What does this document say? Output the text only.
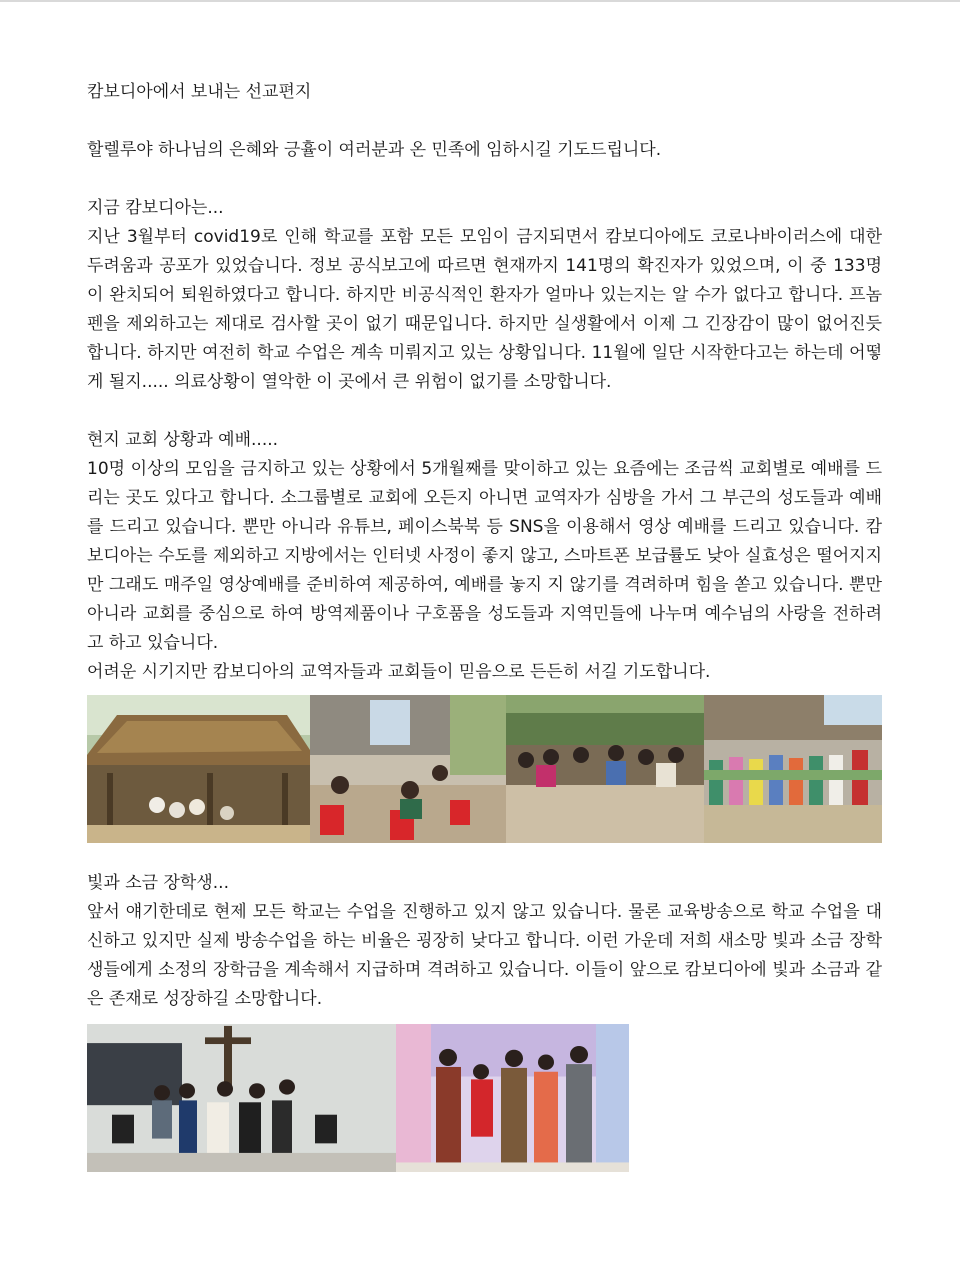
캄보디아에서 보내는 선교편지

할렐루야 하나님의 은혜와 긍휼이 여러분과 온 민족에 임하시길 기도드립니다.

지금 캄보디아는...

지난 3월부터 covid19로 인해 학교를 포함 모든 모임이 금지되면서 캄보디아에도 코로나바이러스에 대한 두려움과 공포가 있었습니다. 정보 공식보고에 따르면 현재까지 141명의 확진자가 있었으며, 이 중 133명이 완치되어 퇴원하였다고 합니다. 하지만 비공식적인 환자가 얼마나 있는지는 알 수가 없다고 합니다. 프놈펜을 제외하고는 제대로 검사할 곳이 없기 때문입니다. 하지만 실생활에서 이제 그 긴장감이 많이 없어진듯 합니다. 하지만 여전히 학교 수업은 계속 미뤄지고 있는 상황입니다. 11월에 일단 시작한다고는 하는데 어떻게 될지..... 의료상황이 열악한 이 곳에서 큰 위험이 없기를 소망합니다.

현지 교회 상황과 예배.....

10명 이상의 모임을 금지하고 있는 상황에서 5개월째를 맞이하고 있는 요즘에는 조금씩 교회별로 예배를 드리는 곳도 있다고 합니다. 소그룹별로 교회에 오든지 아니면 교역자가 심방을 가서 그 부근의 성도들과 예배를 드리고 있습니다. 뿐만 아니라 유튜브, 페이스북북 등 SNS을 이용해서 영상 예배를 드리고 있습니다. 캄보디아는 수도를 제외하고 지방에서는 인터넷 사정이 좋지 않고, 스마트폰 보급률도 낮아 실효성은 떨어지지만 그래도 매주일 영상예배를 준비하여 제공하여, 예배를 놓지 지 않기를 격려하며 힘을 쏟고 있습니다. 뿐만 아니라 교회를 중심으로 하여 방역제품이나 구호품을 성도들과 지역민들에 나누며 예수님의 사랑을 전하려고 하고 있습니다.

어려운 시기지만 캄보디아의 교역자들과 교회들이 믿음으로 든든히 서길 기도합니다.

빛과 소금 장학생...

앞서 얘기한데로 현제 모든 학교는 수업을 진행하고 있지 않고 있습니다. 물론 교육방송으로 학교 수업을 대신하고 있지만 실제 방송수업을 하는 비율은 굉장히 낮다고 합니다. 이런 가운데 저희 새소망 빛과 소금 장학생들에게 소정의 장학금을 계속해서 지급하며 격려하고 있습니다. 이들이 앞으로 캄보디아에 빛과 소금과 같은 존재로 성장하길 소망합니다.
